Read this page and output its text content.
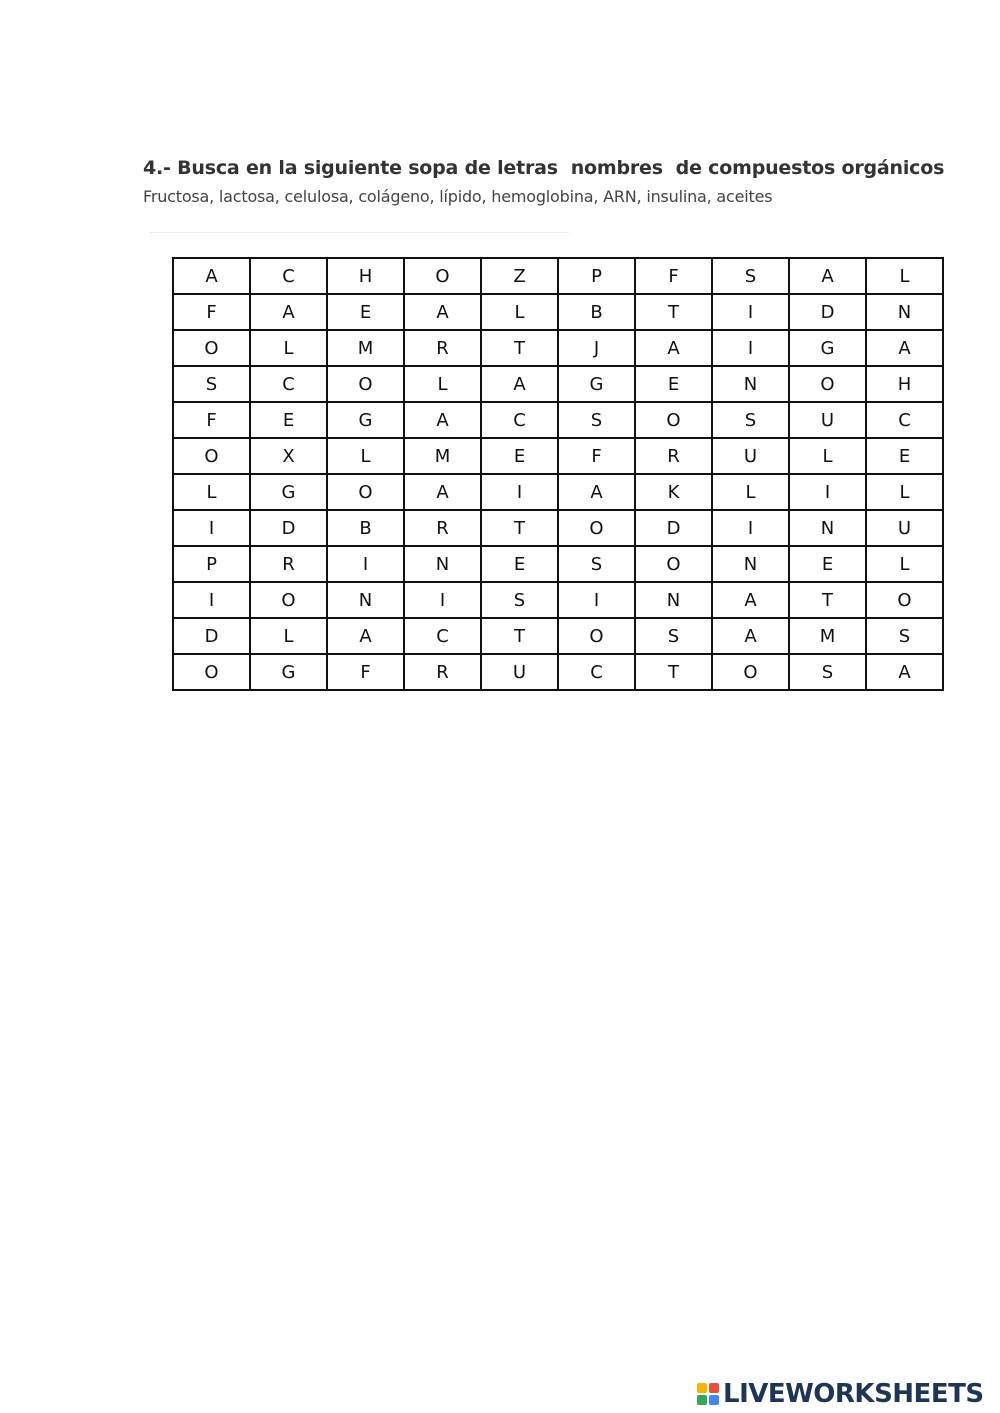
4.- Busca en la siguiente sopa de letras  nombres  de compuestos orgánicos
Fructosa, lactosa, celulosa, colágeno, lípido, hemoglobina, ARN, insulina, aceites
A	C	H	O	Z	P	F	S	A	L
F	A	E	A	L	B	T	I	D	N
O	L	M	R	T	J	A	I	G	A
S	C	O	L	A	G	E	N	O	H
F	E	G	A	C	S	O	S	U	C
O	X	L	M	E	F	R	U	L	E
L	G	O	A	I	A	K	L	I	L
I	D	B	R	T	O	D	I	N	U
P	R	I	N	E	S	O	N	E	L
I	O	N	I	S	I	N	A	T	O
D	L	A	C	T	O	S	A	M	S
O	G	F	R	U	C	T	O	S	A
LIVEWORKSHEETS
